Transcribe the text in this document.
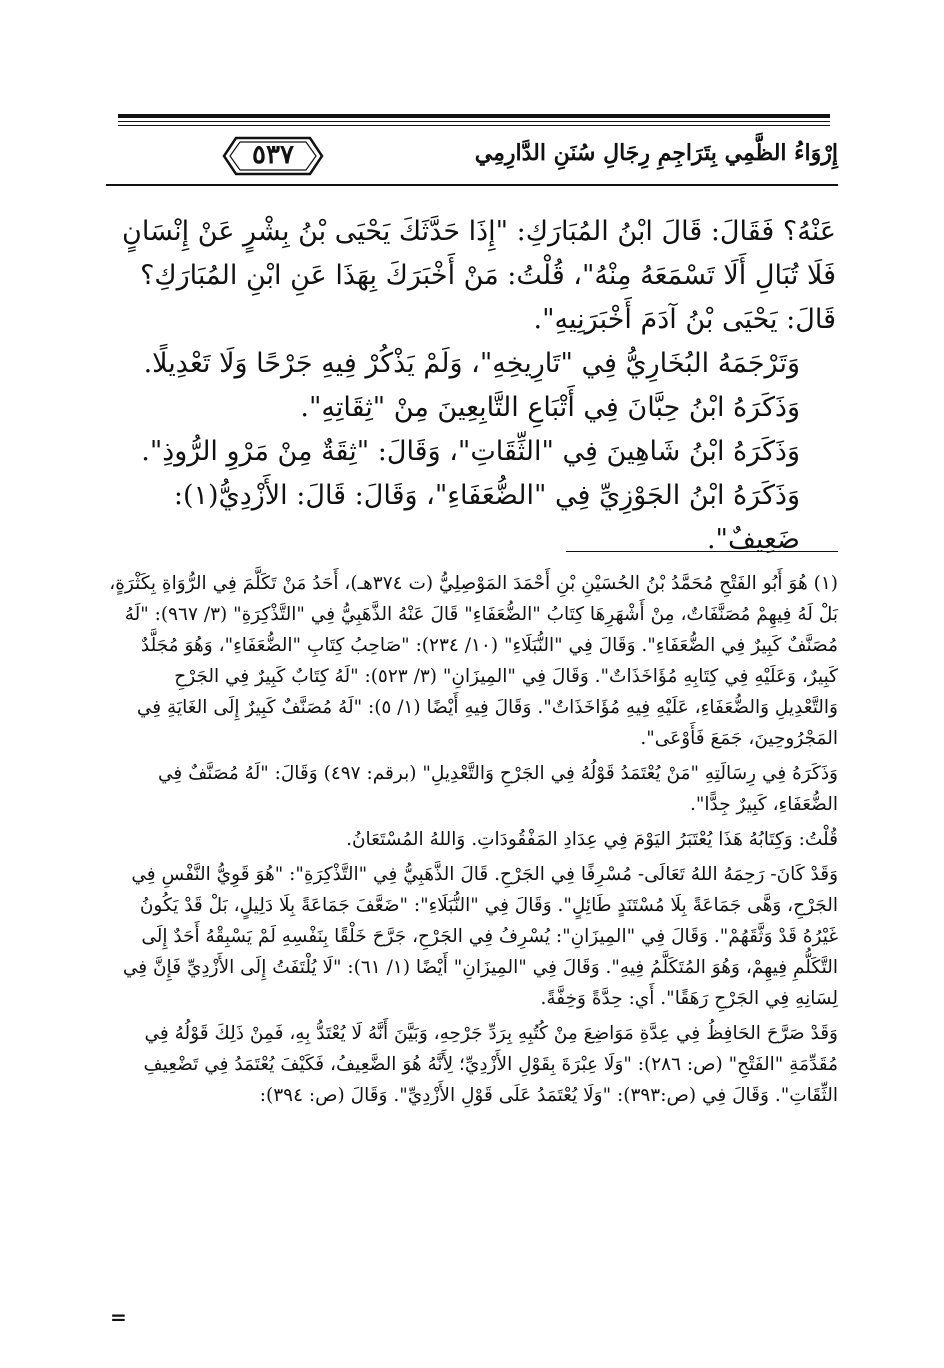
إِرْوَاءُ الظَّمِي بِتَرَاجِمِ رِجَالِ سُنَنِ الدَّارِمِي
٥٣٧

عَنْهُ؟ فَقَالَ: قَالَ ابْنُ المُبَارَكِ: "إِذَا حَدَّثَكَ يَحْيَى بْنُ بِشْرٍ عَنْ إِنْسَانٍ فَلَا تُبَالِ أَلَا تَسْمَعَهُ مِنْهُ"، قُلْتُ: مَنْ أَخْبَرَكَ بِهَذَا عَنِ ابْنِ المُبَارَكِ؟ قَالَ: يَحْيَى بْنُ آدَمَ أَخْبَرَنِيهِ".

وَتَرْجَمَهُ البُخَارِيُّ فِي "تَارِيخِهِ"، وَلَمْ يَذْكُرْ فِيهِ جَرْحًا وَلَا تَعْدِيلًا.

وَذَكَرَهُ ابْنُ حِبَّانَ فِي أَتْبَاعِ التَّابِعِينَ مِنْ "ثِقَاتِهِ".

وَذَكَرَهُ ابْنُ شَاهِينَ فِي "الثِّقَاتِ"، وَقَالَ: "ثِقَةٌ مِنْ مَرْوِ الرُّوذِ".

وَذَكَرَهُ ابْنُ الجَوْزِيِّ فِي "الضُّعَفَاءِ"، وَقَالَ: قَالَ: الأَزْدِيُّ(١): ضَعِيفٌ".

(١) هُوَ أَبُو الفَتْحِ مُحَمَّدُ بْنُ الحُسَيْنِ بْنِ أَحْمَدَ المَوْصِلِيُّ (ت ٣٧٤هـ)، أَحَدُ مَنْ تَكَلَّمَ فِي الرُّوَاةِ بِكَثْرَةٍ، بَلْ لَهُ فِيهِمْ مُصَنَّفَاتٌ، مِنْ أَشْهَرِهَا كِتَابُ "الضُّعَفَاءِ" قَالَ عَنْهُ الذَّهَبِيُّ فِي "التَّذْكِرَةِ" (٣/ ٩٦٧): "لَهُ مُصَنَّفٌ كَبِيرٌ فِي الضُّعَفَاءِ". وَقَالَ فِي "النُّبَلَاءِ" (١٠/ ٢٣٤): "صَاحِبُ كِتَابِ "الضُّعَفَاءِ"، وَهُوَ مُجَلَّدٌ كَبِيرٌ، وَعَلَيْهِ فِي كِتَابِهِ مُؤَاخَذَاتٌ". وَقَالَ فِي "المِيزَانِ" (٣/ ٥٢٣): "لَهُ كِتَابٌ كَبِيرٌ فِي الجَرْحِ وَالتَّعْدِيلِ وَالضُّعَفَاءِ، عَلَيْهِ فِيهِ مُؤَاخَذَاتٌ". وَقَالَ فِيهِ أَيْضًا (١/ ٥): "لَهُ مُصَنَّفٌ كَبِيرٌ إِلَى الغَايَةِ فِي المَجْرُوحِينَ، جَمَعَ فَأَوْعَى".

وَذَكَرَهُ فِي رِسَالَتِهِ "مَنْ يُعْتَمَدُ قَوْلُهُ فِي الجَرْحِ وَالتَّعْدِيلِ" (برقم: ٤٩٧) وَقَالَ: "لَهُ مُصَنَّفٌ فِي الضُّعَفَاءِ، كَبِيرٌ جِدًّا".

قُلْتُ: وَكِتَابُهُ هَذَا يُعْتَبَرُ اليَوْمَ فِي عِدَادِ المَفْقُودَاتِ. وَاللهُ المُسْتَعَانُ.

وَقَدْ كَانَ- رَحِمَهُ اللهُ تَعَالَى- مُسْرِفًا فِي الجَرْحِ. قَالَ الذَّهَبِيُّ فِي "التَّذْكِرَةِ": "هُوَ قَوِيُّ النَّفْسِ فِي الجَرْحِ، وَهَّى جَمَاعَةً بِلَا مُسْتَنَدٍ طَائِلٍ". وَقَالَ فِي "النُّبَلَاءِ": "ضَعَّفَ جَمَاعَةً بِلَا دَلِيلٍ، بَلْ قَدْ يَكُونُ غَيْرُهُ قَدْ وَثَّقَهُمْ". وَقَالَ فِي "المِيزَانِ": يُسْرِفُ فِي الجَرْحِ، جَرَّحَ خَلْقًا بِنَفْسِهِ لَمْ يَسْبِقْهُ أَحَدٌ إِلَى التَّكَلُّمِ فِيهِمْ، وَهُوَ المُتَكَلَّمُ فِيهِ". وَقَالَ فِي "المِيزَانِ" أَيْضًا (١/ ٦١): "لَا يُلْتَفَتُ إِلَى الأَزْدِيِّ فَإِنَّ فِي لِسَانِهِ فِي الجَرْحِ رَهَقًا". أَي: حِدَّةً وَخِفَّةً.

وَقَدْ صَرَّحَ الحَافِظُ فِي عِدَّةِ مَوَاضِعَ مِنْ كُتُبِهِ بِرَدِّ جَرْحِهِ، وَبَيَّنَ أَنَّهُ لَا يُعْتَدُّ بِهِ، فَمِنْ ذَلِكَ قَوْلُهُ فِي مُقَدِّمَةِ "الفَتْحِ" (ص: ٢٨٦): "وَلَا عِبْرَةَ بِقَوْلِ الأَزْدِيِّ؛ لِأَنَّهُ هُوَ الضَّعِيفُ، فَكَيْفَ يُعْتَمَدُ فِي تَضْعِيفِ الثِّقَاتِ". وَقَالَ فِي (ص:٣٩٣): "وَلَا يُعْتَمَدُ عَلَى قَوْلِ الأَزْدِيِّ". وَقَالَ (ص: ٣٩٤):

=
